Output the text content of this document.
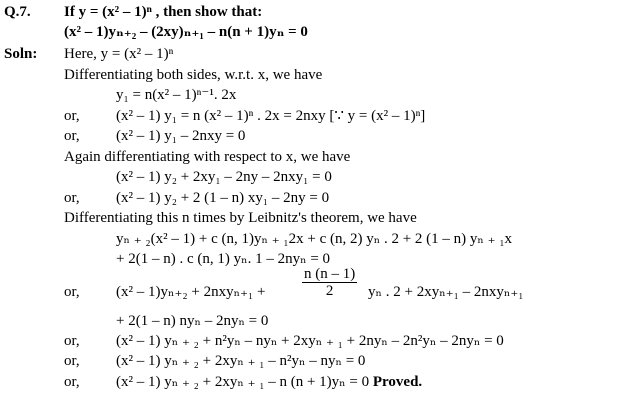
Q.7. If y = (x² – 1)ⁿ , then show that:
(x² – 1)yₙ₊₂ – (2xy)ₙ₊₁ – n(n + 1)yₙ = 0
Soln: Here, y = (x² – 1)ⁿ
Differentiating both sides, w.r.t. x, we have
y₁ = n(x² – 1)ⁿ⁻¹. 2x
or, (x² – 1) y₁ = n (x² – 1)ⁿ . 2x = 2nxy [∵ y = (x² – 1)ⁿ]
or, (x² – 1) y₁ – 2nxy = 0
Again differentiating with respect to x, we have
(x² – 1) y₂ + 2xy₁ – 2ny – 2nxy₁ = 0
or, (x² – 1) y₂ + 2 (1 – n) xy₁ – 2ny = 0
Differentiating this n times by Leibnitz's theorem, we have
yₙ ₊ ₂(x² – 1) + c (n, 1)yₙ ₊ ₁2x + c (n, 2) yₙ . 2 + 2 (1 – n) yₙ ₊ ₁x
+ 2(1 – n) . c (n, 1) yₙ. 1 – 2nyₙ = 0
or, $(x^2 - 1)y_{n+2} + 2nxy_{n+1} + \frac{n (n - 1)}{2}$ yₙ . 2 + 2xyₙ₊₁ – 2nxyₙ₊₁
+ 2(1 – n) nyₙ – 2nyₙ = 0
or, (x² – 1) yₙ ₊ ₂ + n²yₙ – nyₙ + 2xyₙ ₊ ₁ + 2nyₙ – 2n²yₙ – 2nyₙ = 0
or, (x² – 1) yₙ ₊ ₂ + 2xyₙ ₊ ₁ – n²yₙ – nyₙ = 0
or, (x² – 1) yₙ ₊ ₂ + 2xyₙ ₊ ₁ – n (n + 1)yₙ = 0 Proved.
